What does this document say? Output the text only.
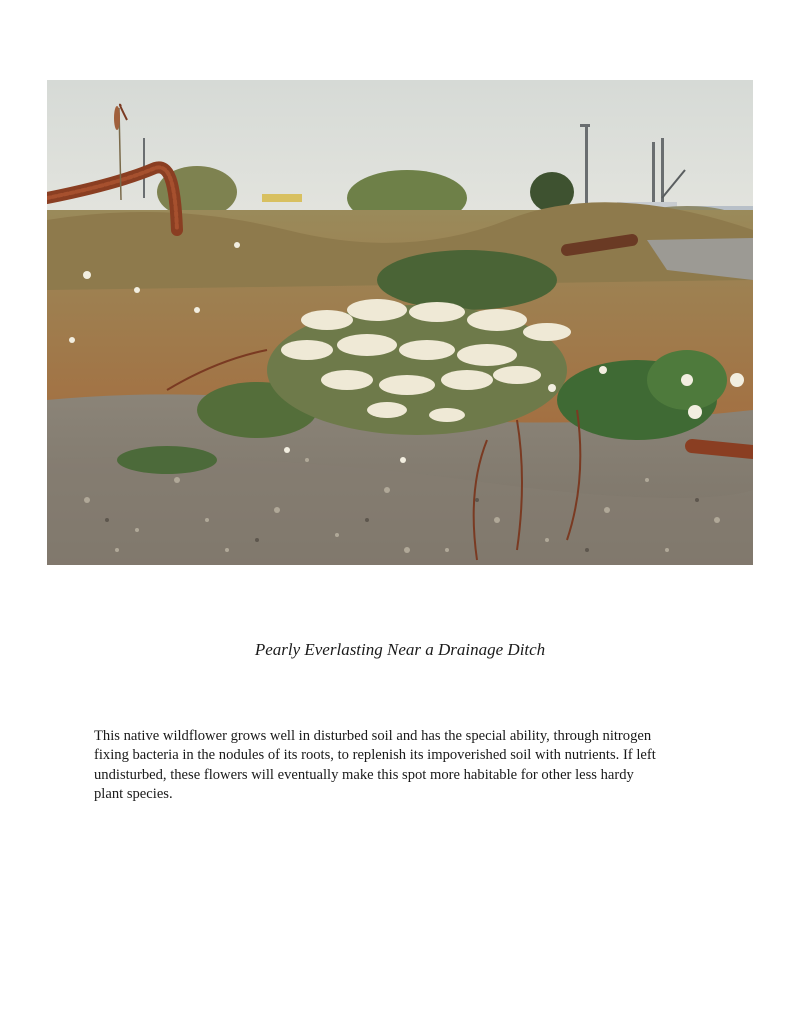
Pearly Everlasting Near a Drainage Ditch

This native wildflower grows well in disturbed soil and has the special ability, through nitrogen
fixing bacteria in the nodules of its roots, to replenish its impoverished soil with nutrients. If left
undisturbed, these flowers will eventually make this spot more habitable for other less hardy
plant species.
